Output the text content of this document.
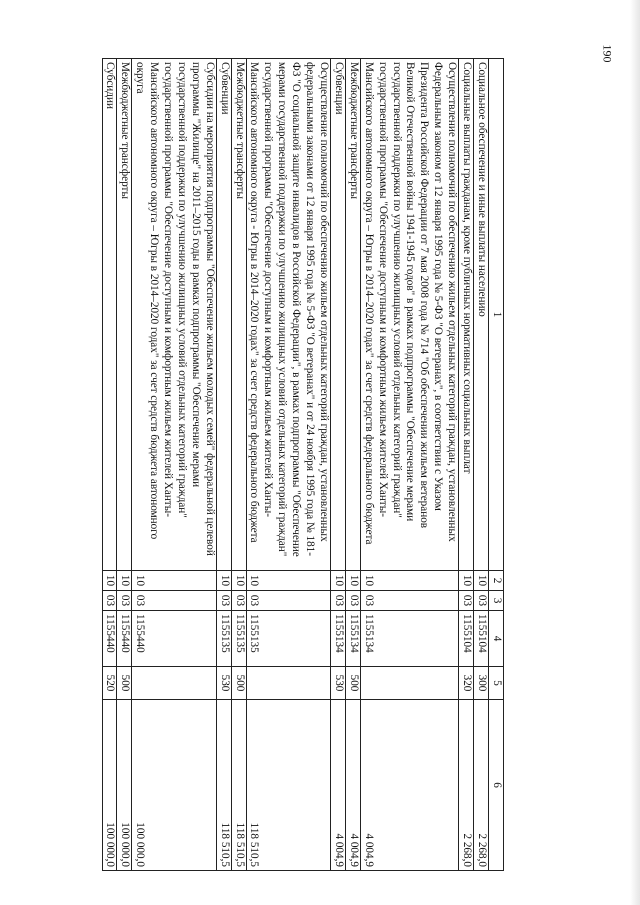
190
1	2	3	4	5	6
Социальное обеспечение и иные выплаты населению	10	03	1155104	300	2 268,0
Социальные выплаты гражданам, кроме публичных нормативных социальных выплат	10	03	1155104	320	2 268,0
Осуществление полномочий по обеспечению жильем отдельных категорий граждан, установленных Федеральным законом от 12 января 1995 года № 5-ФЗ "О ветеранах", в соответствии с Указом Президента Российской Федерации от 7 мая 2008 года № 714 "Об обеспечении жильем ветеранов Великой Отечественной войны 1941-1945 годов" в рамках подпрограммы "Обеспечение мерами государственной поддержки по улучшению жилищных условий отдельных категорий граждан" государственной программы "Обеспечение доступным и комфортным жильем жителей Ханты-Мансийского автономного округа – Югры в 2014–2020 годах" за счет средств федерального бюджета	10	03	1155134		4 004,9
Межбюджетные трансферты	10	03	1155134	500	4 004,9
Субвенции	10	03	1155134	530	4 004,9
Осуществление полномочий по обеспечению жильем отдельных категорий граждан, установленных федеральными законами от 12 января 1995 года № 5-ФЗ "О ветеранах" и от 24 ноября 1995 года № 181-ФЗ "О социальной защите инвалидов в Российской Федерации", в рамках подпрограммы "Обеспечение мерами государственной поддержки по улучшению жилищных условий отдельных категорий граждан" государственной программы "Обеспечение доступным и комфортным жильем жителей Ханты-Мансийского автономного округа - Югры в 2014–2020 годах" за счет средств федерального бюджета	10	03	1155135		118 510,5
Межбюджетные трансферты	10	03	1155135	500	118 510,5
Субвенции	10	03	1155135	530	118 510,5
Субсидии на мероприятия подпрограммы "Обеспечение жильем молодых семей" федеральной целевой программы "Жилище" на 2011–2015 годы в рамках подпрограммы "Обеспечение мерами государственной поддержки по улучшению жилищных условий отдельных категорий граждан" государственной программы "Обеспечение доступным и комфортным жильем жителей Ханты-Мансийского автономного округа – Югры в 2014–2020 годах" за счет средств бюджета автономного округа	10	03	1155440		100 000,0
Межбюджетные трансферты	10	03	1155440	500	100 000,0
Субсидии	10	03	1155440	520	100 000,0
